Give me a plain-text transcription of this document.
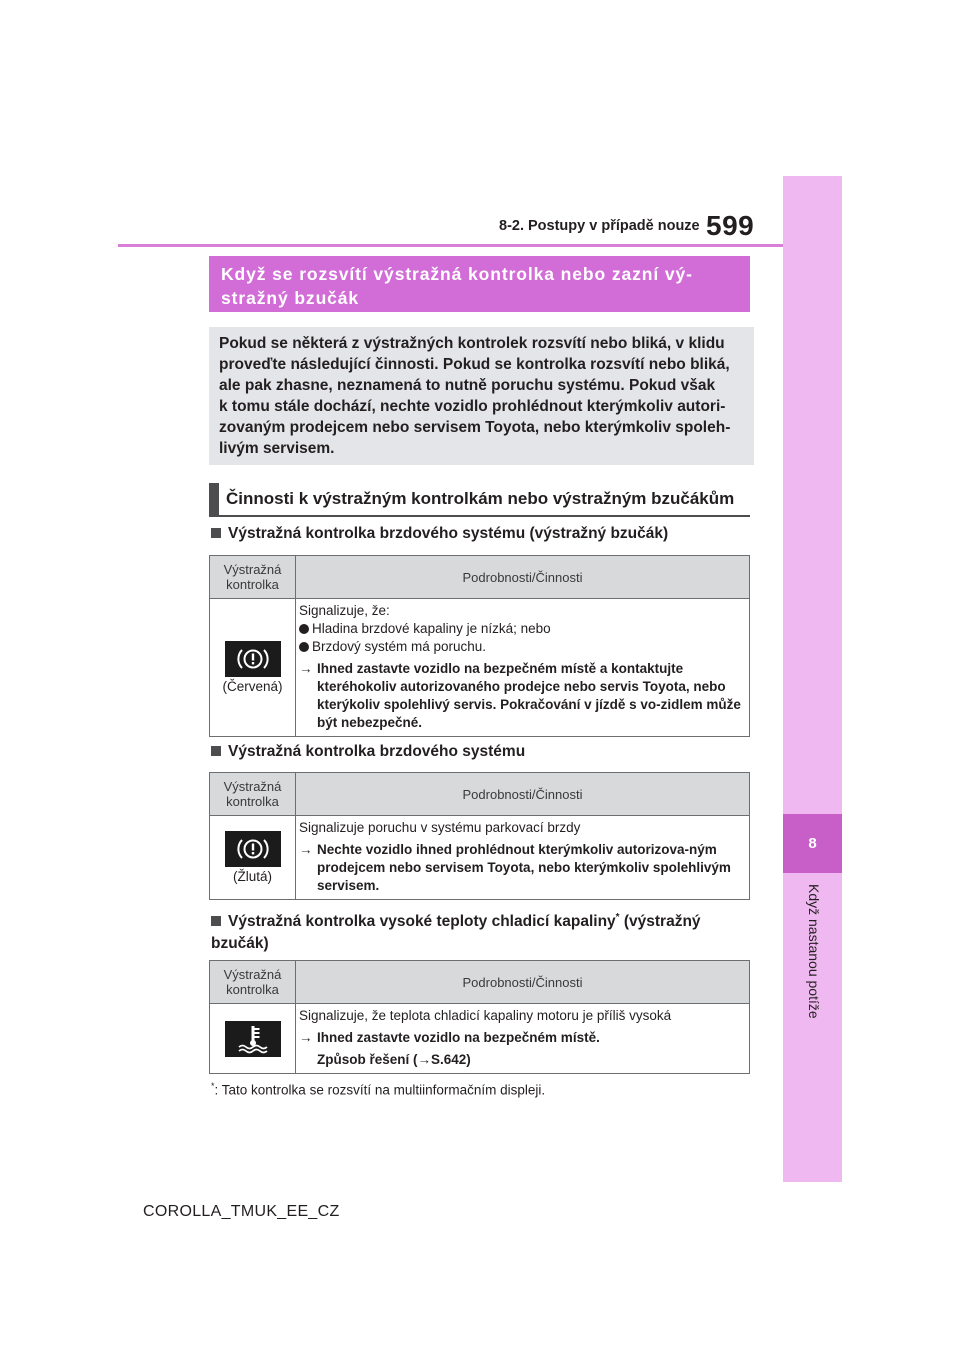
8-2. Postupy v případě nouze 599
8
Když nastanou potíže
Když se rozsvítí výstražná kontrolka nebo zazní vý-
stražný bzučák
Pokud se některá z výstražných kontrolek rozsvítí nebo bliká, v klidu
proveďte následující činnosti. Pokud se kontrolka rozsvítí nebo bliká,
ale pak zhasne, neznamená to nutně poruchu systému. Pokud však
k tomu stále dochází, nechte vozidlo prohlédnout kterýmkoliv autori-
zovaným prodejcem nebo servisem Toyota, nebo kterýmkoliv spoleh-
livým servisem.
Činnosti k výstražným kontrolkám nebo výstražným bzučákům
Výstražná kontrolka brzdového systému (výstražný bzučák)
Výstražná kontrolka	Podrobnosti/Činnosti

(Červená)	Signalizuje, že:
Hladina brzdové kapaliny je nízká; nebo
Brzdový systém má poruchu.
→ Ihned zastavte vozidlo na bezpečném místě a kontaktujte kteréhokoliv autorizovaného prodejce nebo servis Toyota, nebo kterýkoliv spolehlivý servis. Pokračování v jízdě s vo-zidlem může být nebezpečné.
Výstražná kontrolka brzdového systému
Výstražná kontrolka	Podrobnosti/Činnosti

(Žlutá)	Signalizuje poruchu v systému parkovací brzdy
→ Nechte vozidlo ihned prohlédnout kterýmkoliv autorizova-ným prodejcem nebo servisem Toyota, nebo kterýmkoliv spolehlivým servisem.
Výstražná kontrolka vysoké teploty chladicí kapaliny* (výstražný bzučák)
Výstražná kontrolka	Podrobnosti/Činnosti

Signalizuje, že teplota chladicí kapaliny motoru je příliš vysoká
→ Ihned zastavte vozidlo na bezpečném místě.
Způsob řešení (→S.642)
*: Tato kontrolka se rozsvítí na multiinformačním displeji.
COROLLA_TMUK_EE_CZ
